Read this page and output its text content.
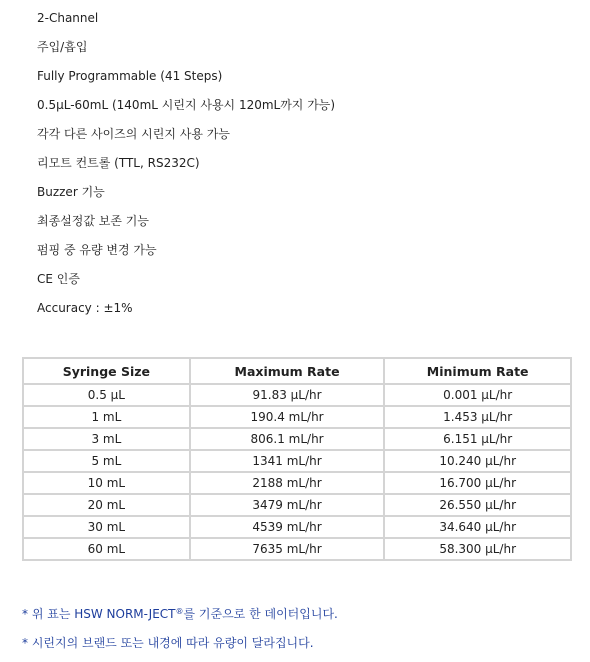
2-Channel
주입/흡입
Fully Programmable (41 Steps)
0.5μL-60mL (140mL 시린지 사용시 120mL까지 가능)
각각 다른 사이즈의 시린지 사용 가능
리모트 컨트롤 (TTL, RS232C)
Buzzer 기능
최종설정값 보존 기능
펌핑 중 유량 변경 가능
CE 인증
Accuracy : ±1%
Syringe Size	Maximum Rate	Minimum Rate
0.5 μL	91.83 μL/hr	0.001 μL/hr
1 mL	190.4 mL/hr	1.453 μL/hr
3 mL	806.1 mL/hr	6.151 μL/hr
5 mL	1341 mL/hr	10.240 μL/hr
10 mL	2188 mL/hr	16.700 μL/hr
20 mL	3479 mL/hr	26.550 μL/hr
30 mL	4539 mL/hr	34.640 μL/hr
60 mL	7635 mL/hr	58.300 μL/hr
* 위 표는 HSW NORM-JECT®를 기준으로 한 데이터입니다.
* 시린지의 브랜드 또는 내경에 따라 유량이 달라집니다.
